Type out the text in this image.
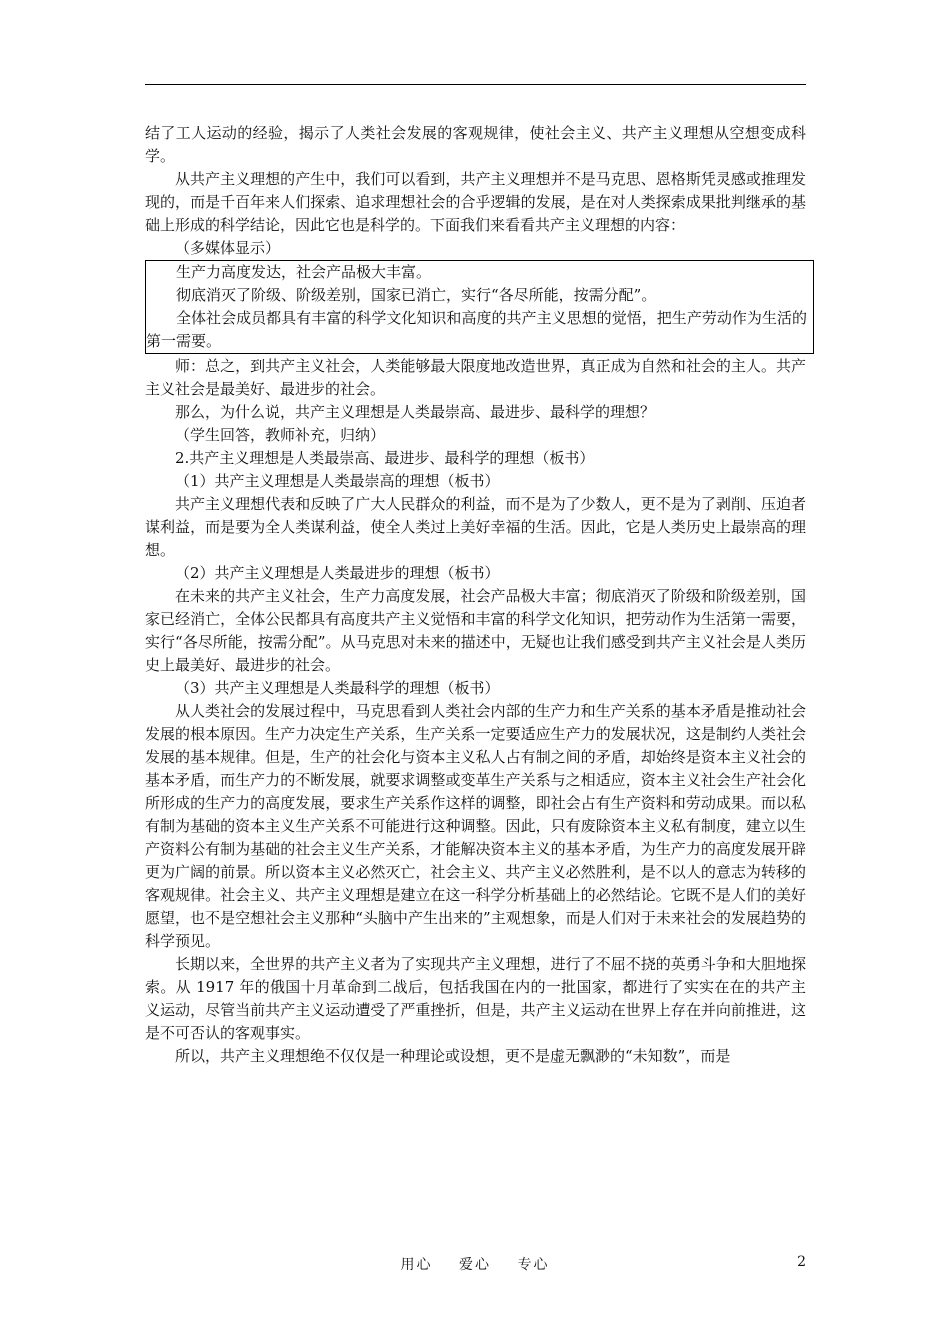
结了工人运动的经验，揭示了人类社会发展的客观规律，使社会主义、共产主义理想从空想变成科学。

从共产主义理想的产生中，我们可以看到，共产主义理想并不是马克思、恩格斯凭灵感或推理发现的，而是千百年来人们探索、追求理想社会的合乎逻辑的发展，是在对人类探索成果批判继承的基础上形成的科学结论，因此它也是科学的。下面我们来看看共产主义理想的内容：

（多媒体显示）

生产力高度发达，社会产品极大丰富。

彻底消灭了阶级、阶级差别，国家已消亡，实行“各尽所能，按需分配”。

全体社会成员都具有丰富的科学文化知识和高度的共产主义思想的觉悟，把生产劳动作为生活的第一需要。

师：总之，到共产主义社会，人类能够最大限度地改造世界，真正成为自然和社会的主人。共产主义社会是最美好、最进步的社会。

那么，为什么说，共产主义理想是人类最崇高、最进步、最科学的理想？

（学生回答，教师补充，归纳）

2.共产主义理想是人类最崇高、最进步、最科学的理想（板书）

（1）共产主义理想是人类最崇高的理想（板书）

共产主义理想代表和反映了广大人民群众的利益，而不是为了少数人，更不是为了剥削、压迫者谋利益，而是要为全人类谋利益，使全人类过上美好幸福的生活。因此，它是人类历史上最崇高的理想。

（2）共产主义理想是人类最进步的理想（板书）

在未来的共产主义社会，生产力高度发展，社会产品极大丰富；彻底消灭了阶级和阶级差别，国家已经消亡，全体公民都具有高度共产主义觉悟和丰富的科学文化知识，把劳动作为生活第一需要，实行“各尽所能，按需分配”。从马克思对未来的描述中，无疑也让我们感受到共产主义社会是人类历史上最美好、最进步的社会。

（3）共产主义理想是人类最科学的理想（板书）

从人类社会的发展过程中，马克思看到人类社会内部的生产力和生产关系的基本矛盾是推动社会发展的根本原因。生产力决定生产关系，生产关系一定要适应生产力的发展状况，这是制约人类社会发展的基本规律。但是，生产的社会化与资本主义私人占有制之间的矛盾，却始终是资本主义社会的基本矛盾，而生产力的不断发展，就要求调整或变革生产关系与之相适应，资本主义社会生产社会化所形成的生产力的高度发展，要求生产关系作这样的调整，即社会占有生产资料和劳动成果。而以私有制为基础的资本主义生产关系不可能进行这种调整。因此，只有废除资本主义私有制度，建立以生产资料公有制为基础的社会主义生产关系，才能解决资本主义的基本矛盾，为生产力的高度发展开辟更为广阔的前景。所以资本主义必然灭亡，社会主义、共产主义必然胜利，是不以人的意志为转移的客观规律。社会主义、共产主义理想是建立在这一科学分析基础上的必然结论。它既不是人们的美好愿望，也不是空想社会主义那种“头脑中产生出来的”主观想象，而是人们对于未来社会的发展趋势的科学预见。

长期以来，全世界的共产主义者为了实现共产主义理想，进行了不屈不挠的英勇斗争和大胆地探索。从 1917 年的俄国十月革命到二战后，包括我国在内的一批国家，都进行了实实在在的共产主义运动，尽管当前共产主义运动遭受了严重挫折，但是，共产主义运动在世界上存在并向前推进，这是不可否认的客观事实。

所以，共产主义理想绝不仅仅是一种理论或设想，更不是虚无飘渺的“未知数”，而是

用心 爱心 专心	2
